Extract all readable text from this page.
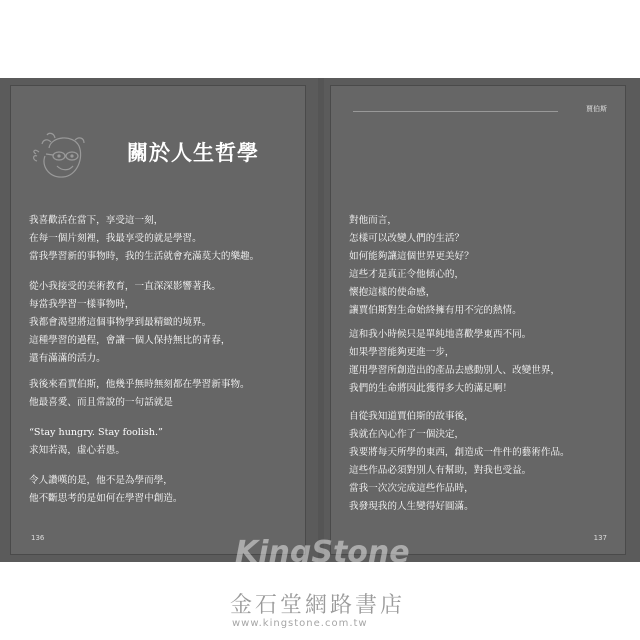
關於人生哲學
我喜歡活在當下，享受這一刻，
在每一個片刻裡，我最享受的就是學習。
當我學習新的事物時，我的生活就會充滿莫大的樂趣。
從小我接受的美術教育，一直深深影響著我。
每當我學習一樣事物時，
我都會渴望將這個事物學到最精緻的境界。
這種學習的過程，會讓一個人保持無比的青春，
還有滿滿的活力。
我後來看賈伯斯，他幾乎無時無刻都在學習新事物。
他最喜愛、而且常說的一句話就是
“Stay hungry. Stay foolish.”
求知若渴，虛心若愚。
令人讚嘆的是，他不是為學而學，
他不斷思考的是如何在學習中創造。
136
賈伯斯
對他而言，
怎樣可以改變人們的生活？
如何能夠讓這個世界更美好？
這些才是真正令他傾心的，
懷抱這樣的使命感，
讓賈伯斯對生命始終擁有用不完的熱情。
這和我小時候只是單純地喜歡學東西不同。
如果學習能夠更進一步，
運用學習所創造出的產品去感動別人、改變世界，
我們的生命將因此獲得多大的滿足啊！
自從我知道賈伯斯的故事後，
我就在內心作了一個決定，
我要將每天所學的東西，創造成一件件的藝術作品。
這些作品必須對別人有幫助，對我也受益。
當我一次次完成這些作品時，
我發現我的人生變得好圓滿。
137
KingStone
金石堂網路書店
www.kingstone.com.tw
